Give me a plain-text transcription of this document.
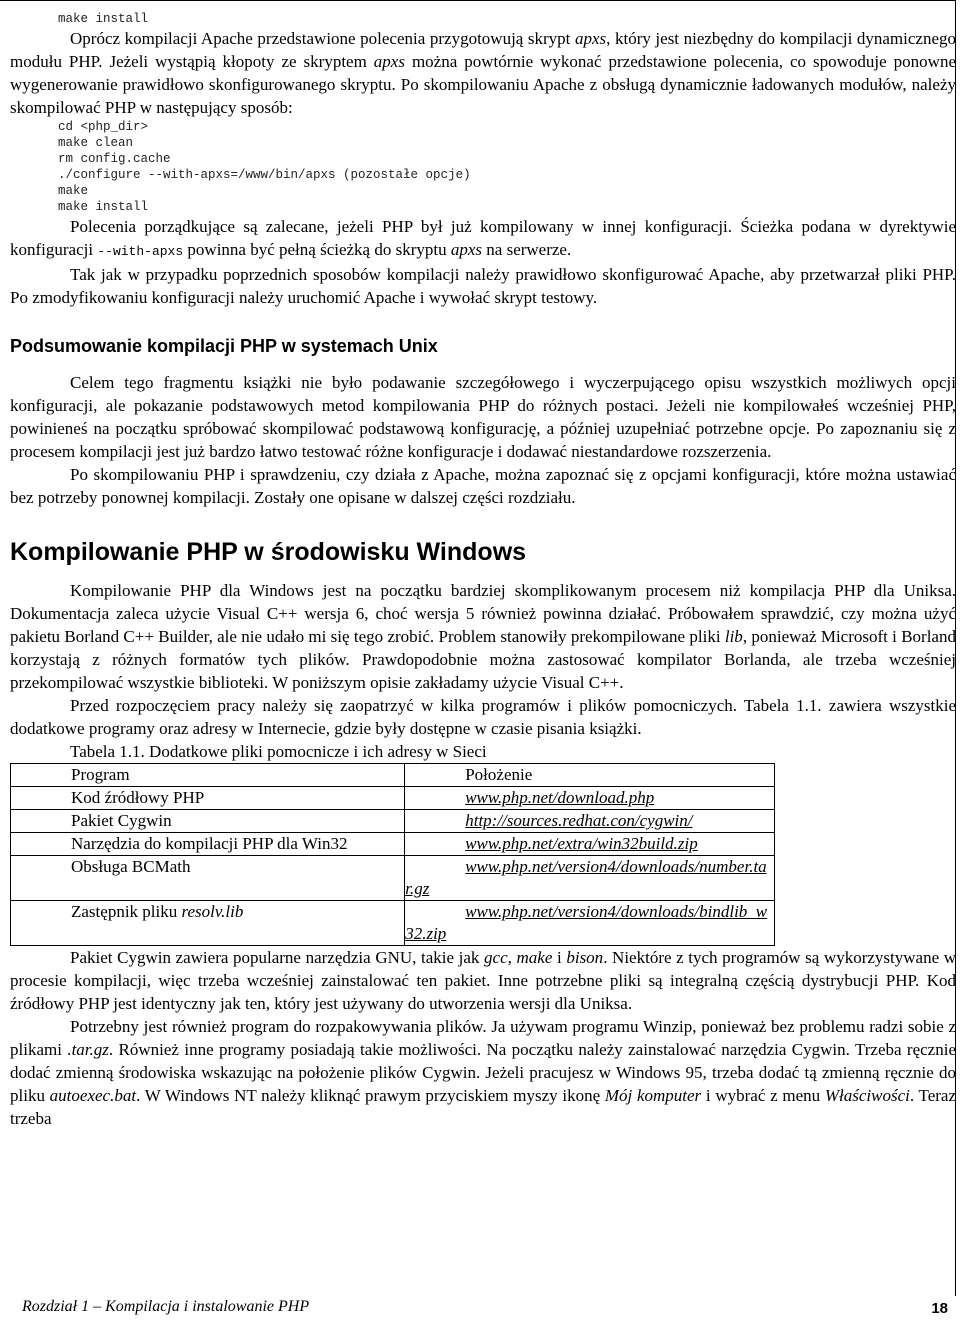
make install

Oprócz kompilacji Apache przedstawione polecenia przygotowują skrypt apxs, który jest niezbędny do kompilacji dynamicznego modułu PHP. Jeżeli wystąpią kłopoty ze skryptem apxs można powtórnie wykonać przedstawione polecenia, co spowoduje ponowne wygenerowanie prawidłowo skonfigurowanego skryptu. Po skompilowaniu Apache z obsługą dynamicznie ładowanych modułów, należy skompilować PHP w następujący sposób:

cd <php_dir>
make clean
rm config.cache
./configure --with-apxs=/www/bin/apxs (pozostałe opcje)
make
make install

Polecenia porządkujące są zalecane, jeżeli PHP był już kompilowany w innej konfiguracji. Ścieżka podana w dyrektywie konfiguracji --with-apxs powinna być pełną ścieżką do skryptu apxs na serwerze.

Tak jak w przypadku poprzednich sposobów kompilacji należy prawidłowo skonfigurować Apache, aby przetwarzał pliki PHP. Po zmodyfikowaniu konfiguracji należy uruchomić Apache i wywołać skrypt testowy.

Podsumowanie kompilacji PHP w systemach Unix

Celem tego fragmentu książki nie było podawanie szczegółowego i wyczerpującego opisu wszystkich możliwych opcji konfiguracji, ale pokazanie podstawowych metod kompilowania PHP do różnych postaci. Jeżeli nie kompilowałeś wcześniej PHP, powinieneś na początku spróbować skompilować podstawową konfigurację, a później uzupełniać potrzebne opcje. Po zapoznaniu się z procesem kompilacji jest już bardzo łatwo testować różne konfiguracje i dodawać niestandardowe rozszerzenia.

Po skompilowaniu PHP i sprawdzeniu, czy działa z Apache, można zapoznać się z opcjami konfiguracji, które można ustawiać bez potrzeby ponownej kompilacji. Zostały one opisane w dalszej części rozdziału.

Kompilowanie PHP w środowisku Windows

Kompilowanie PHP dla Windows jest na początku bardziej skomplikowanym procesem niż kompilacja PHP dla Uniksa. Dokumentacja zaleca użycie Visual C++ wersja 6, choć wersja 5 również powinna działać. Próbowałem sprawdzić, czy można użyć pakietu Borland C++ Builder, ale nie udało mi się tego zrobić. Problem stanowiły prekompilowane pliki lib, ponieważ Microsoft i Borland korzystają z różnych formatów tych plików. Prawdopodobnie można zastosować kompilator Borlanda, ale trzeba wcześniej przekompilować wszystkie biblioteki. W poniższym opisie zakładamy użycie Visual C++.

Przed rozpoczęciem pracy należy się zaopatrzyć w kilka programów i plików pomocniczych. Tabela 1.1. zawiera wszystkie dodatkowe programy oraz adresy w Internecie, gdzie były dostępne w czasie pisania książki.

Tabela 1.1. Dodatkowe pliki pomocnicze i ich adresy w Sieci
Program	Położenie

Kod źródłowy PHP	www.php.net/download.php

Pakiet Cygwin	http://sources.redhat.con/cygwin/

Narzędzia do kompilacji PHP dla Win32	www.php.net/extra/win32build.zip

Obsługa BCMath	www.php.net/version4/downloads/number.tar.gz

Zastępnik pliku resolv.lib	www.php.net/version4/downloads/bindlib_w32.zip

Pakiet Cygwin zawiera popularne narzędzia GNU, takie jak gcc, make i bison. Niektóre z tych programów są wykorzystywane w procesie kompilacji, więc trzeba wcześniej zainstalować ten pakiet. Inne potrzebne pliki są integralną częścią dystrybucji PHP. Kod źródłowy PHP jest identyczny jak ten, który jest używany do utworzenia wersji dla Uniksa.

Potrzebny jest również program do rozpakowywania plików. Ja używam programu Winzip, ponieważ bez problemu radzi sobie z plikami .tar.gz. Również inne programy posiadają takie możliwości. Na początku należy zainstalować narzędzia Cygwin. Trzeba ręcznie dodać zmienną środowiska wskazując na położenie plików Cygwin. Jeżeli pracujesz w Windows 95, trzeba dodać tą zmienną ręcznie do pliku autoexec.bat. W Windows NT należy kliknąć prawym przyciskiem myszy ikonę Mój komputer i wybrać z menu Właściwości. Teraz trzeba

Rozdział 1 – Kompilacja i instalowanie PHP	18
